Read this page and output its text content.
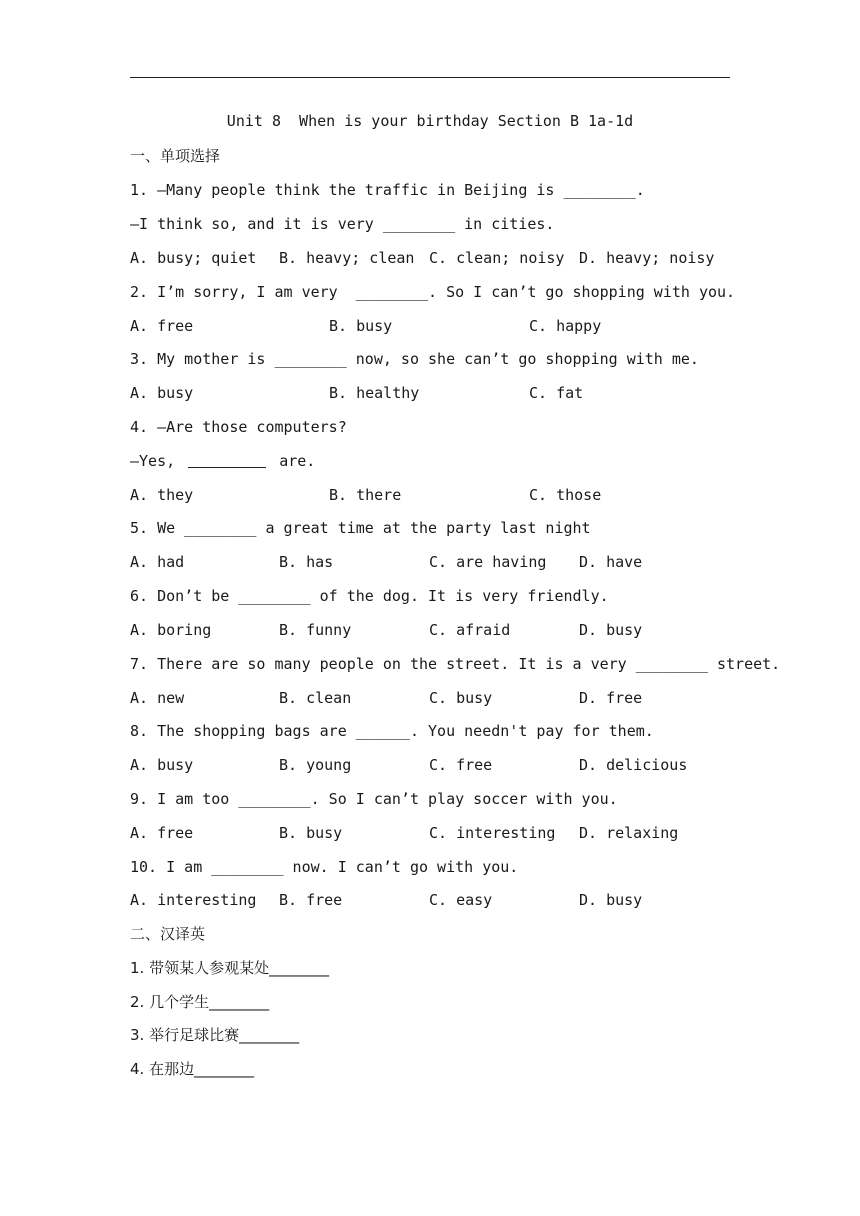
Unit 8  When is your birthday Section B 1a-1d
一、单项选择
1. —Many people think the traffic in Beijing is ________.
—I think so, and it is very ________ in cities.
A. busy; quiet B. heavy; clean C. clean; noisy D. heavy; noisy
2. I’m sorry, I am very  ________. So I can’t go shopping with you.
A. free	B. busy	C. happy
3. My mother is ________ now, so she can’t go shopping with me.
A. busy	B. healthy	C. fat
4. —Are those computers?
—Yes,	are.
A. they	B. there	C. those
5. We ________ a great time at the party last night
A. had	B. has	C. are having D. have
6. Don’t be ________ of the dog. It is very friendly.
A. boring	B. funny	C. afraid	D. busy
7. There are so many people on the street. It is a very ________ street.
A. new	B. clean	C. busy	D. free
8. The shopping bags are ______. You needn't pay for them.
A. busy	B. young	C. free	D. delicious
9. I am too ________. So I can’t play soccer with you.
A. free	B. busy	C. interesting D. relaxing
10. I am ________ now. I can’t go with you.
A. interesting B. free	C. easy	D. busy
二、汉译英
1. 带领某人参观某处________
2. 几个学生________
3. 举行足球比赛________
4. 在那边________
